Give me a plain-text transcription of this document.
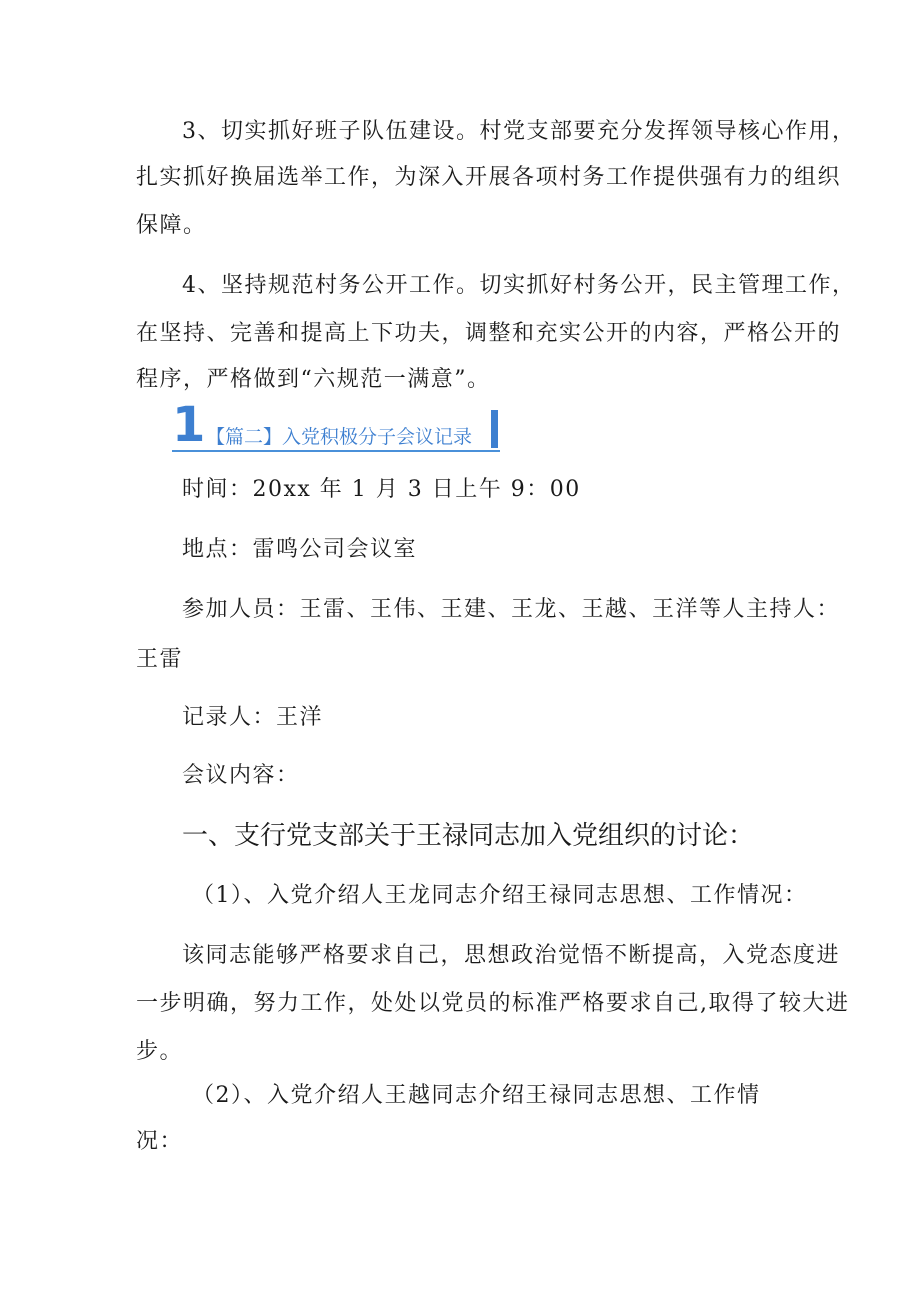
3、切实抓好班子队伍建设。村党支部要充分发挥领导核心作用，

扎实抓好换届选举工作，为深入开展各项村务工作提供强有力的组织

保障。

4、坚持规范村务公开工作。切实抓好村务公开，民主管理工作，

在坚持、完善和提高上下功夫，调整和充实公开的内容，严格公开的

程序，严格做到“六规范一满意”。

1 【篇二】入党积极分子会议记录

时间：20xx 年 1 月 3 日上午 9：00

地点：雷鸣公司会议室

参加人员：王雷、王伟、王建、王龙、王越、王洋等人主持人：

王雷

记录人：王洋

会议内容：

一、支行党支部关于王禄同志加入党组织的讨论：

（1）、入党介绍人王龙同志介绍王禄同志思想、工作情况：

该同志能够严格要求自己，思想政治觉悟不断提高，入党态度进

一步明确，努力工作，处处以党员的标准严格要求自己,取得了较大进

步。

（2）、入党介绍人王越同志介绍王禄同志思想、工作情

况：
